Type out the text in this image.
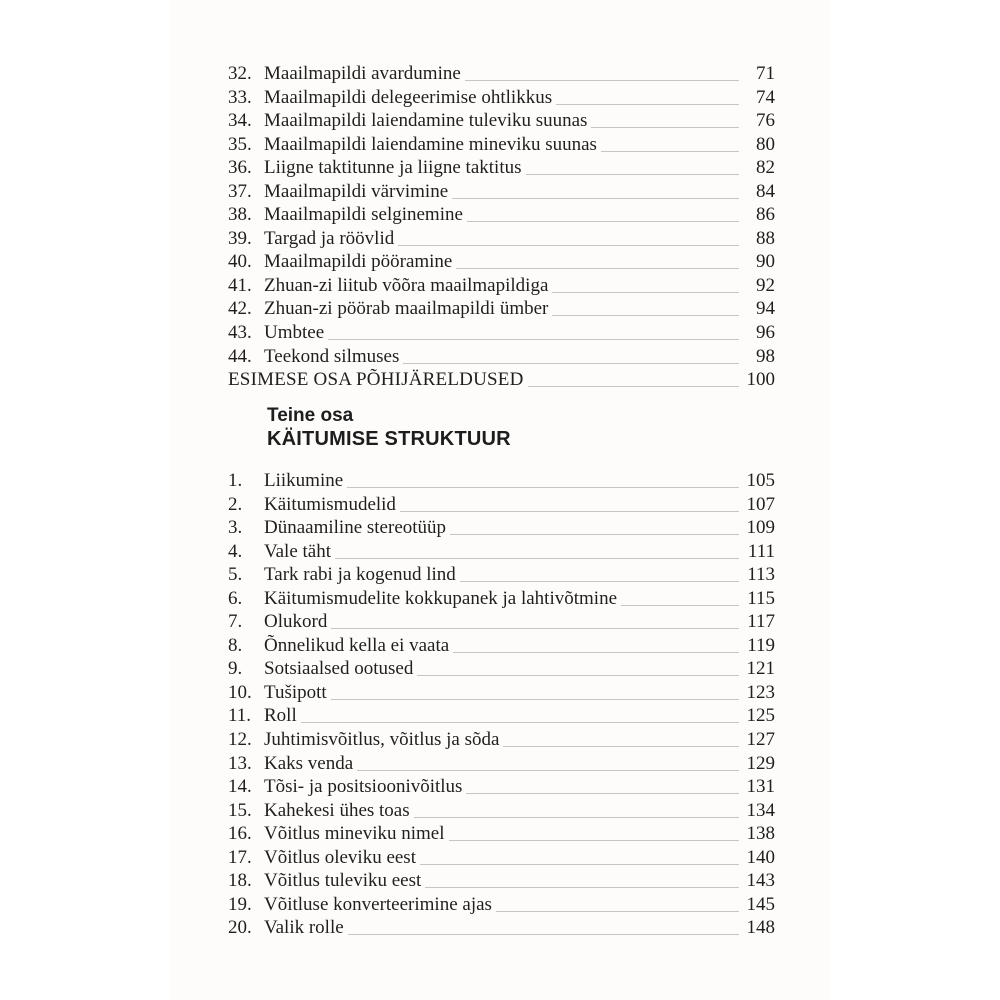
32. Maailmapildi avardumine	71
33. Maailmapildi delegeerimise ohtlikkus	74
34. Maailmapildi laiendamine tuleviku suunas	76
35. Maailmapildi laiendamine mineviku suunas	80
36. Liigne taktitunne ja liigne taktitus	82
37. Maailmapildi värvimine	84
38. Maailmapildi selginemine	86
39. Targad ja röövlid	88
40. Maailmapildi pööramine	90
41. Zhuan-zi liitub võõra maailmapildiga	92
42. Zhuan-zi pöörab maailmapildi ümber	94
43. Umbtee	96
44. Teekond silmuses	98
ESIMESE OSA PÕHIJÄRELDUSED	100
Teine osa
KÄITUMISE STRUKTUUR
1.	Liikumine	105
2.	Käitumismudelid	107
3.	Dünaamiline stereotüüp	109
4.	Vale täht	111
5.	Tark rabi ja kogenud lind	113
6.	Käitumismudelite kokkupanek ja lahtivõtmine	115
7.	Olukord	117
8.	Õnnelikud kella ei vaata	119
9.	Sotsiaalsed ootused	121
10. Tušipott	123
11. Roll	125
12. Juhtimisvõitlus, võitlus ja sõda	127
13. Kaks venda	129
14. Tõsi- ja positsioonivõitlus	131
15. Kahekesi ühes toas	134
16. Võitlus mineviku nimel	138
17. Võitlus oleviku eest	140
18. Võitlus tuleviku eest	143
19. Võitluse konverteerimine ajas	145
20. Valik rolle	148
